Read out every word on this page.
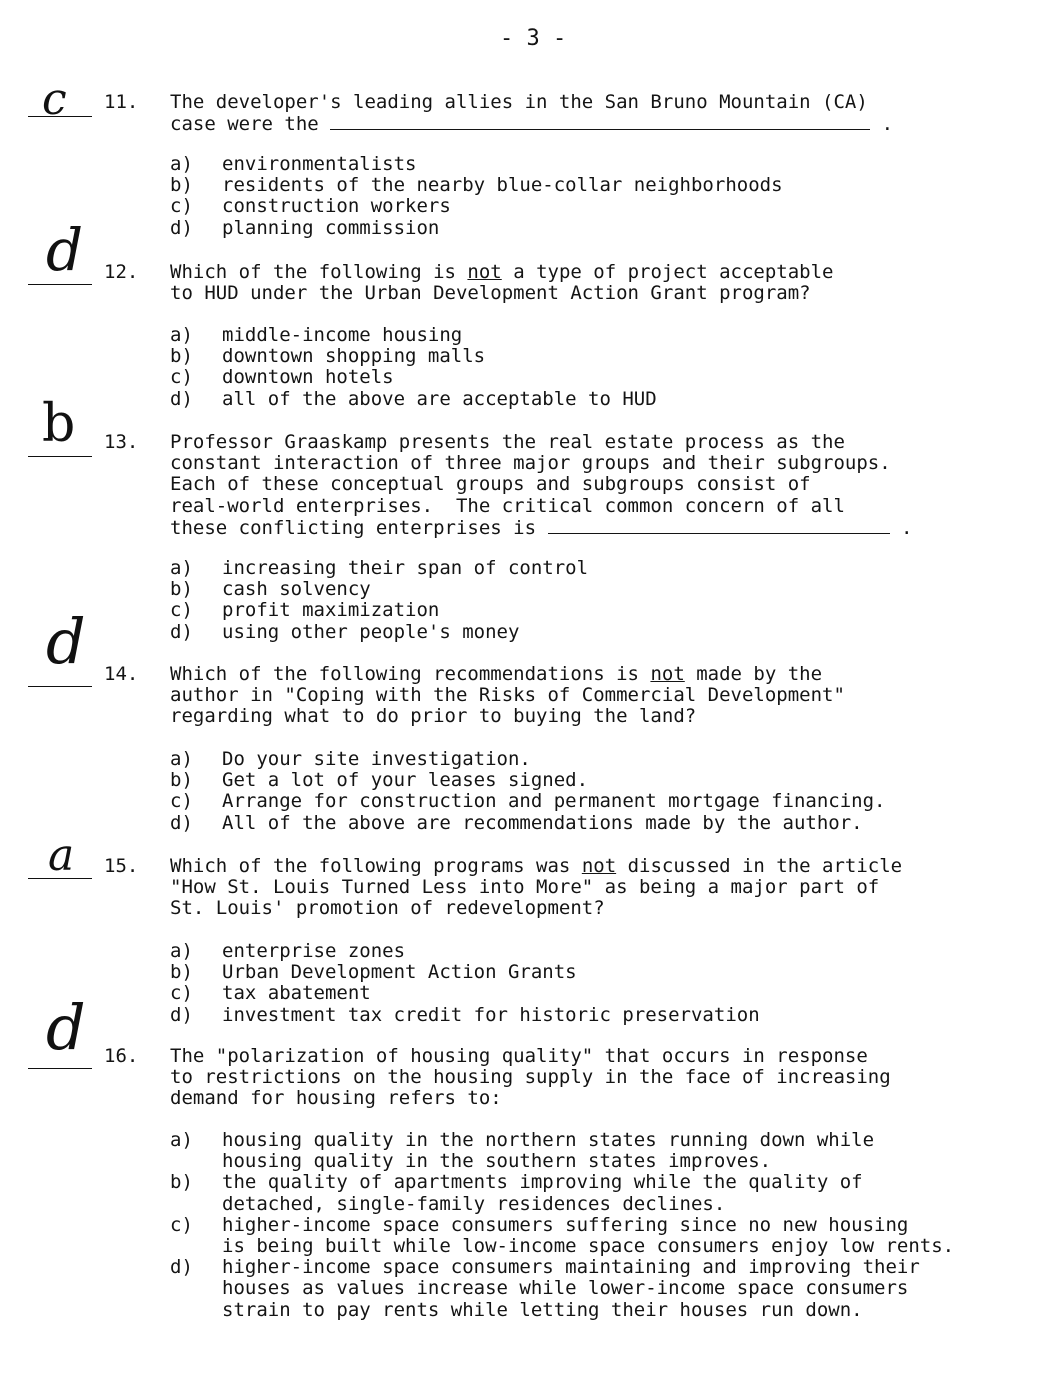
- 3 -
c 11. The developer's leading allies in the San Bruno Mountain (CA)
case were the	.
a) environmentalists
b) residents of the nearby blue-collar neighborhoods
c) construction workers
d) planning commission
d 12. Which of the following is not a type of project acceptable
to HUD under the Urban Development Action Grant program?
a) middle-income housing
b) downtown shopping malls
c) downtown hotels
d) all of the above are acceptable to HUD
b 13. Professor Graaskamp presents the real estate process as the
constant interaction of three major groups and their subgroups.
Each of these conceptual groups and subgroups consist of
real-world enterprises.  The critical common concern of all
these conflicting enterprises is	.
a) increasing their span of control
b) cash solvency
c) profit maximization
d) using other people's money
d 14. Which of the following recommendations is not made by the
author in "Coping with the Risks of Commercial Development"
regarding what to do prior to buying the land?
a) Do your site investigation.
b) Get a lot of your leases signed.
c) Arrange for construction and permanent mortgage financing.
d) All of the above are recommendations made by the author.
a 15. Which of the following programs was not discussed in the article
"How St. Louis Turned Less into More" as being a major part of
St. Louis' promotion of redevelopment?
a) enterprise zones
b) Urban Development Action Grants
c) tax abatement
d) investment tax credit for historic preservation
d 16. The "polarization of housing quality" that occurs in response
to restrictions on the housing supply in the face of increasing
demand for housing refers to:
a) housing quality in the northern states running down while
housing quality in the southern states improves.
b) the quality of apartments improving while the quality of
detached, single-family residences declines.
c) higher-income space consumers suffering since no new housing
is being built while low-income space consumers enjoy low rents.
d) higher-income space consumers maintaining and improving their
houses as values increase while lower-income space consumers
strain to pay rents while letting their houses run down.
